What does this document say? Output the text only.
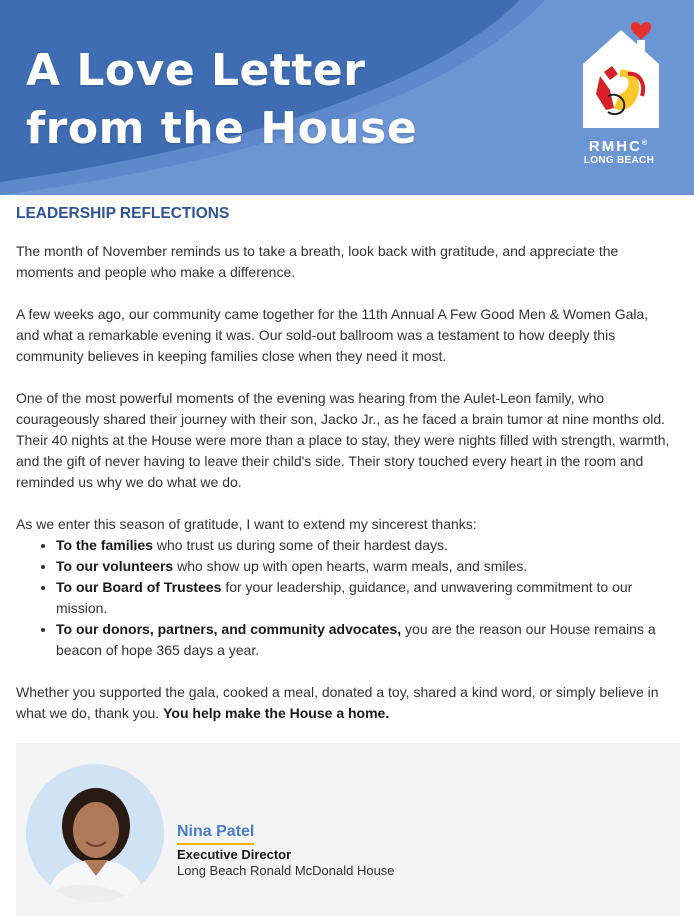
A Love Letter
from the House	RMHC®
LONG BEACH
LEADERSHIP REFLECTIONS

The month of November reminds us to take a breath, look back with gratitude, and appreciate the moments and people who make a difference.

A few weeks ago, our community came together for the 11th Annual A Few Good Men & Women Gala, and what a remarkable evening it was. Our sold-out ballroom was a testament to how deeply this community believes in keeping families close when they need it most.

One of the most powerful moments of the evening was hearing from the Aulet-Leon family, who courageously shared their journey with their son, Jacko Jr., as he faced a brain tumor at nine months old. Their 40 nights at the House were more than a place to stay, they were nights filled with strength, warmth, and the gift of never having to leave their child's side. Their story touched every heart in the room and reminded us why we do what we do.

As we enter this season of gratitude, I want to extend my sincerest thanks:

• To the families who trust us during some of their hardest days.
• To our volunteers who show up with open hearts, warm meals, and smiles.
• To our Board of Trustees for your leadership, guidance, and unwavering commitment to our mission.
• To our donors, partners, and community advocates, you are the reason our House remains a beacon of hope 365 days a year.

Whether you supported the gala, cooked a meal, donated a toy, shared a kind word, or simply believe in what we do, thank you. You help make the House a home.

Nina Patel

Executive Director

Long Beach Ronald McDonald House
